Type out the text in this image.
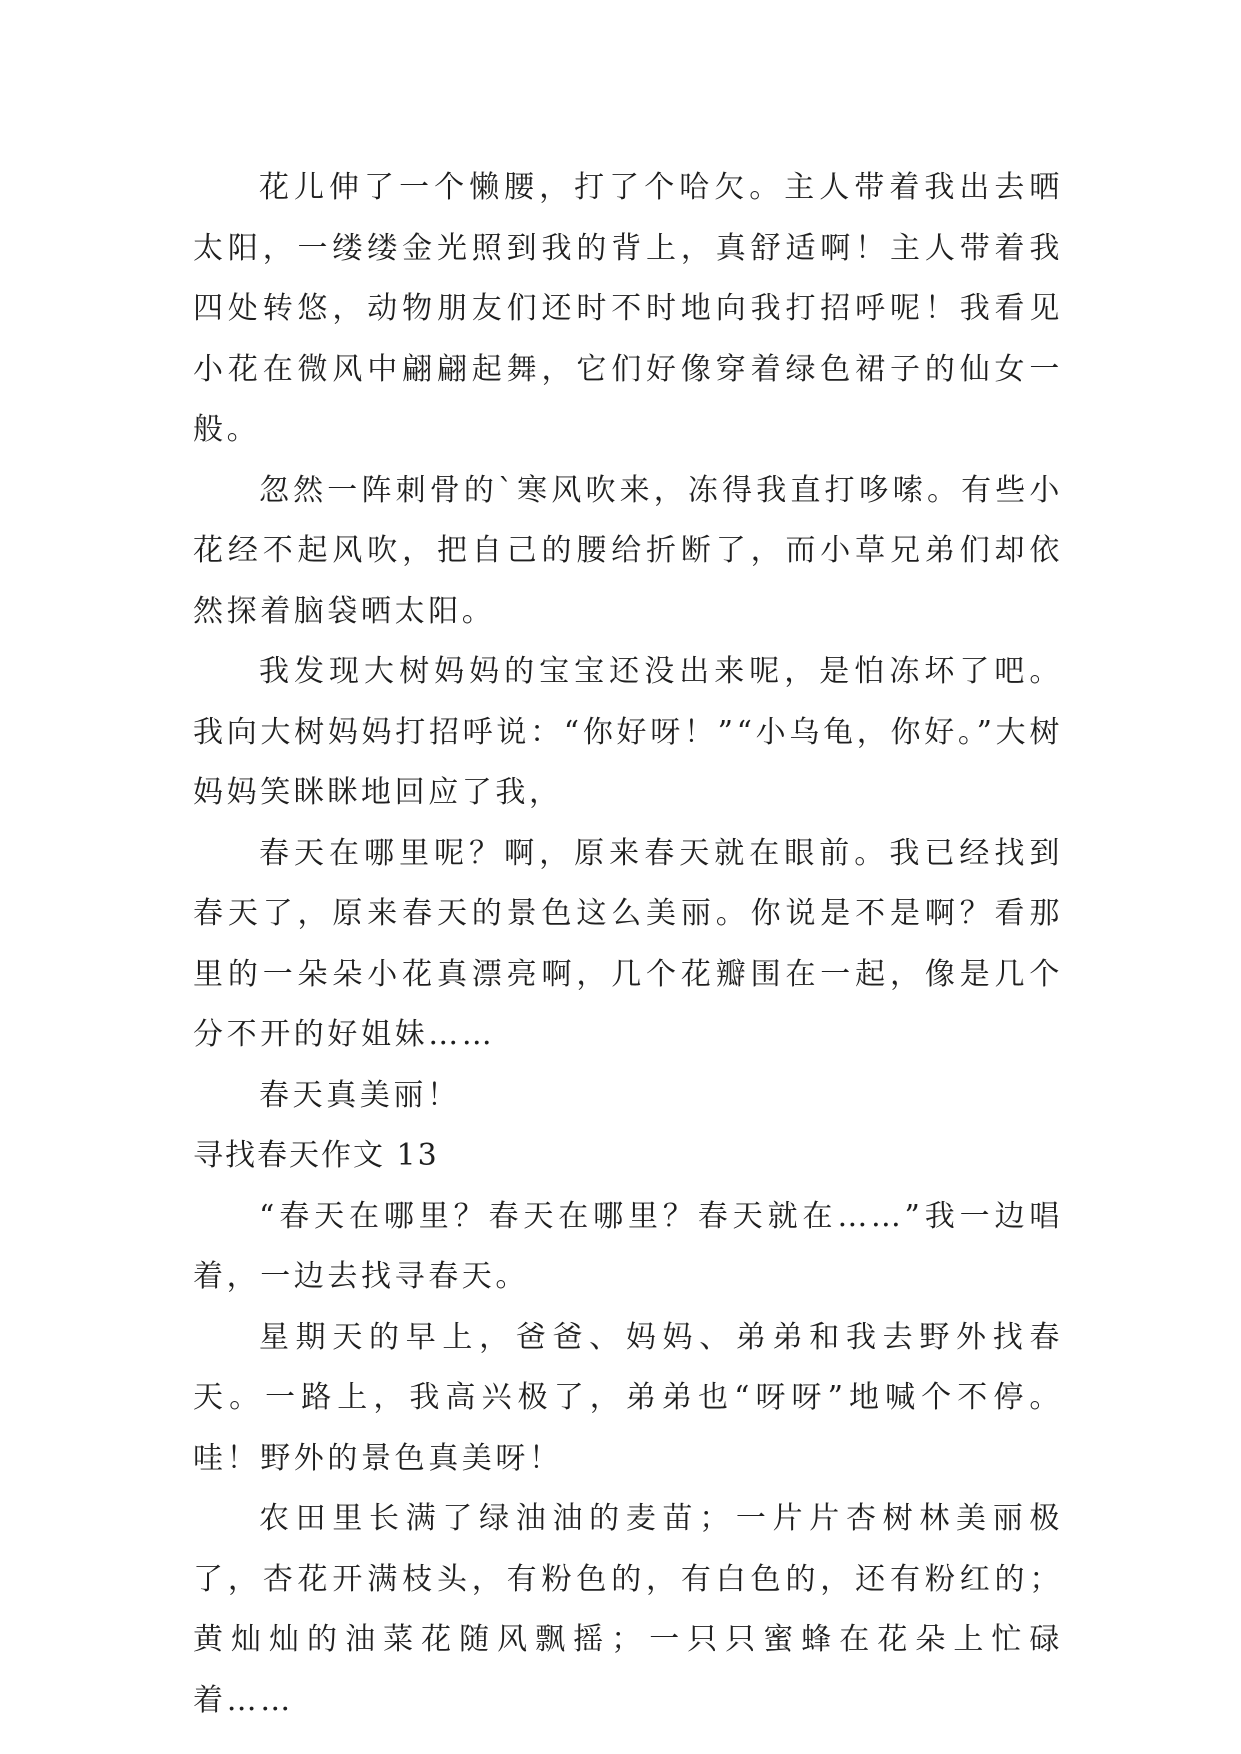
花儿伸了一个懒腰，打了个哈欠。主人带着我出去晒太阳，一缕缕金光照到我的背上，真舒适啊！主人带着我四处转悠，动物朋友们还时不时地向我打招呼呢！我看见小花在微风中翩翩起舞，它们好像穿着绿色裙子的仙女一般。

忽然一阵刺骨的`寒风吹来，冻得我直打哆嗦。有些小花经不起风吹，把自己的腰给折断了，而小草兄弟们却依然探着脑袋晒太阳。

我发现大树妈妈的宝宝还没出来呢，是怕冻坏了吧。我向大树妈妈打招呼说：“你好呀！”“小乌龟，你好。”大树妈妈笑眯眯地回应了我，

春天在哪里呢？啊，原来春天就在眼前。我已经找到春天了，原来春天的景色这么美丽。你说是不是啊？看那里的一朵朵小花真漂亮啊，几个花瓣围在一起，像是几个分不开的好姐妹……

春天真美丽！

寻找春天作文 13

“春天在哪里？春天在哪里？春天就在……”我一边唱着，一边去找寻春天。

星期天的早上，爸爸、妈妈、弟弟和我去野外找春天。一路上，我高兴极了，弟弟也“呀呀”地喊个不停。哇！野外的景色真美呀！

农田里长满了绿油油的麦苗；一片片杏树林美丽极了，杏花开满枝头，有粉色的，有白色的，还有粉红的；黄灿灿的油菜花随风飘摇；一只只蜜蜂在花朵上忙碌着……
